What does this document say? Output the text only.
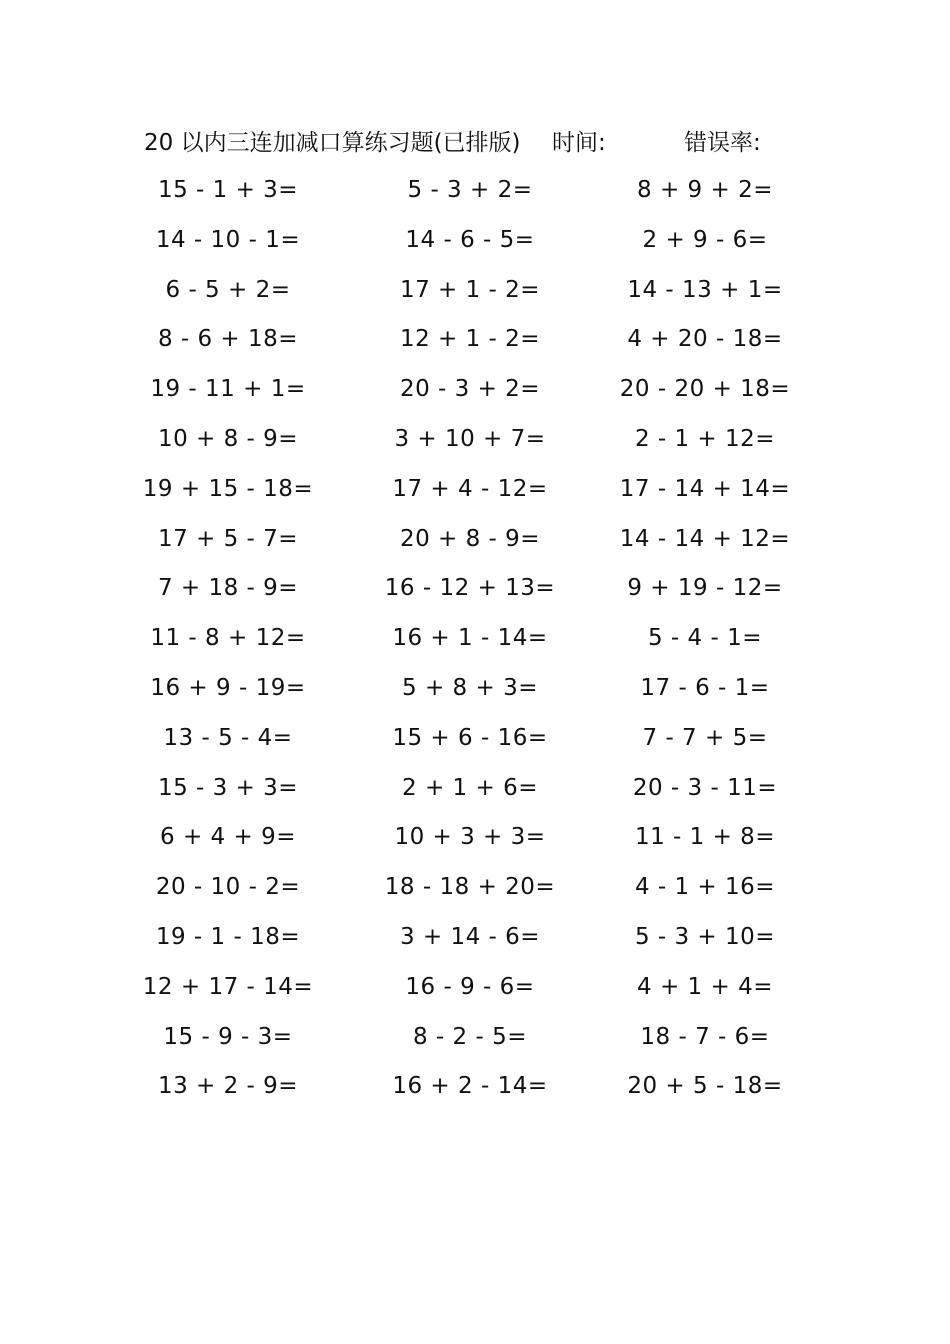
20 以内三连加减口算练习题(已排版) 时间:	错误率:
15 - 1 + 3=	5 - 3 + 2=	8 + 9 + 2=
14 - 10 - 1=	14 - 6 - 5=	2 + 9 - 6=
6 - 5 + 2=	17 + 1 - 2=	14 - 13 + 1=
8 - 6 + 18=	12 + 1 - 2=	4 + 20 - 18=
19 - 11 + 1=	20 - 3 + 2=	20 - 20 + 18=
10 + 8 - 9=	3 + 10 + 7=	2 - 1 + 12=
19 + 15 - 18=	17 + 4 - 12=	17 - 14 + 14=
17 + 5 - 7=	20 + 8 - 9=	14 - 14 + 12=
7 + 18 - 9=	16 - 12 + 13=	9 + 19 - 12=
11 - 8 + 12=	16 + 1 - 14=	5 - 4 - 1=
16 + 9 - 19=	5 + 8 + 3=	17 - 6 - 1=
13 - 5 - 4=	15 + 6 - 16=	7 - 7 + 5=
15 - 3 + 3=	2 + 1 + 6=	20 - 3 - 11=
6 + 4 + 9=	10 + 3 + 3=	11 - 1 + 8=
20 - 10 - 2=	18 - 18 + 20=	4 - 1 + 16=
19 - 1 - 18=	3 + 14 - 6=	5 - 3 + 10=
12 + 17 - 14=	16 - 9 - 6=	4 + 1 + 4=
15 - 9 - 3=	8 - 2 - 5=	18 - 7 - 6=
13 + 2 - 9=	16 + 2 - 14=	20 + 5 - 18=
